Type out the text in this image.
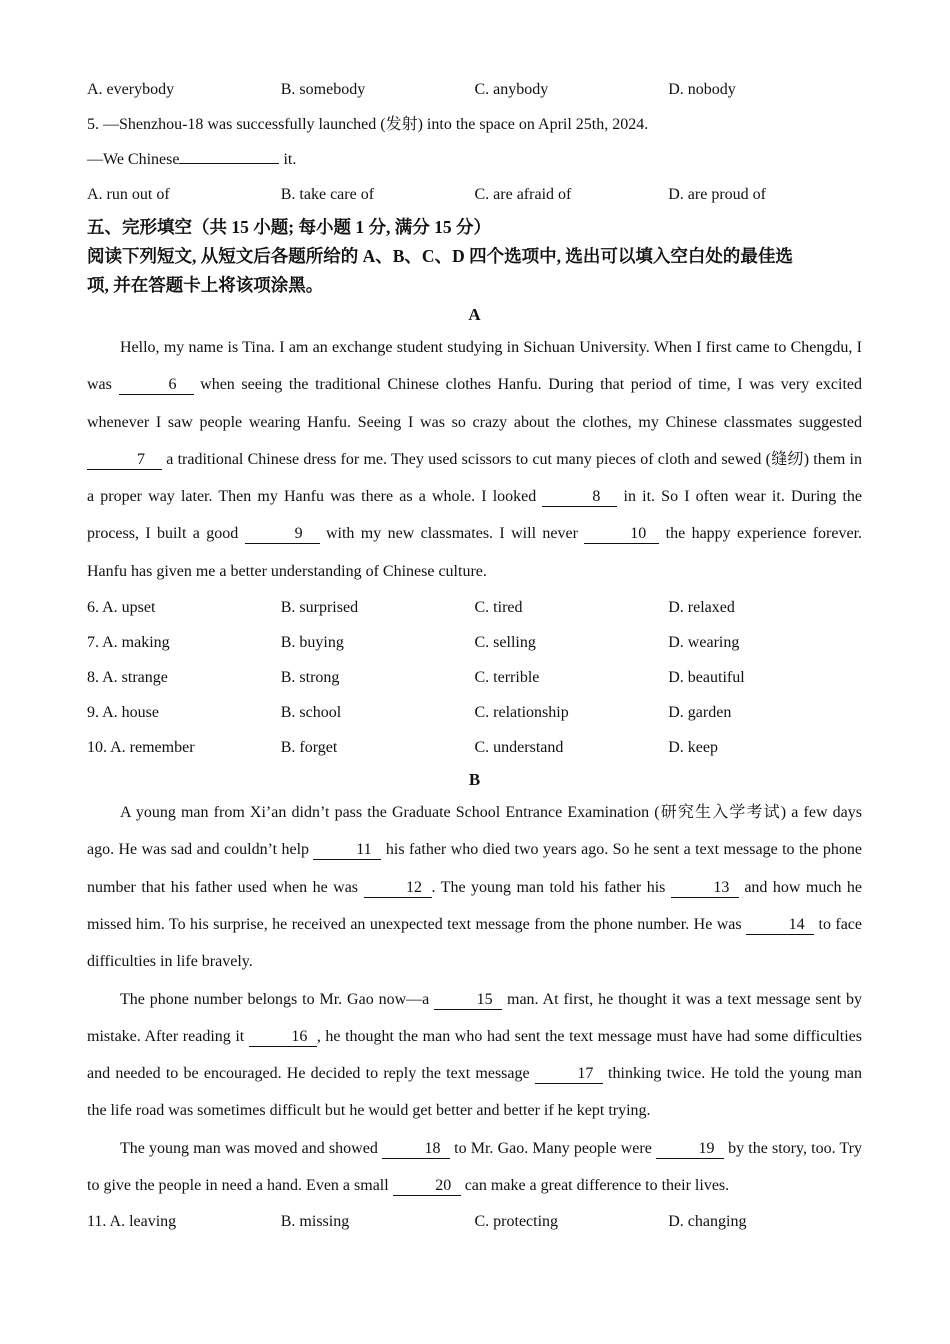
A. everybody	B. somebody	C. anybody	D. nobody
5. —Shenzhou-18 was successfully launched (发射) into the space on April 25th, 2024.
—We Chinese	it.
A. run out of	B. take care of	C. are afraid of	D. are proud of
五、完形填空（共 15 小题; 每小题 1 分, 满分 15 分）
阅读下列短文, 从短文后各题所给的 A、B、C、D 四个选项中, 选出可以填入空白处的最佳选
项, 并在答题卡上将该项涂黑。
A

Hello, my name is Tina. I am an exchange student studying in Sichuan University. When I first came to Chengdu, I was	6 when seeing the traditional Chinese clothes Hanfu. During that period of time, I was very excited whenever I saw people wearing Hanfu. Seeing I was so crazy about the clothes, my Chinese classmates suggested 7 a traditional Chinese dress for me. They used scissors to cut many pieces of cloth and sewed (缝纫) them in a proper way later. Then my Hanfu was there as a whole. I looked	8 in it. So I often wear it. During the process, I built a good	9 with my new classmates. I will never	10 the happy experience forever. Hanfu has given me a better understanding of Chinese culture.

6. A. upset	B. surprised	C. tired	D. relaxed
7. A. making	B. buying	C. selling	D. wearing
8. A. strange	B. strong	C. terrible	D. beautiful
9. A. house	B. school	C. relationship	D. garden
10. A. remember	B. forget	C. understand	D. keep
B

A young man from Xi’an didn’t pass the Graduate School Entrance Examination (研究生入学考试) a few days ago. He was sad and couldn’t help	11 his father who died two years ago. So he sent a text message to the phone number that his father used when he was	12 . The young man told his father his	13 and how much he missed him. To his surprise, he received an unexpected text message from the phone number. He was	14 to face difficulties in life bravely.

The phone number belongs to Mr. Gao now—a	15 man. At first, he thought it was a text message sent by mistake. After reading it	16 , he thought the man who had sent the text message must have had some difficulties and needed to be encouraged. He decided to reply the text message	17 thinking twice. He told the young man the life road was sometimes difficult but he would get better and better if he kept trying.

The young man was moved and showed	18 to Mr. Gao. Many people were	19 by the story, too. Try to give the people in need a hand. Even a small	20 can make a great difference to their lives.

11. A. leaving	B. missing	C. protecting	D. changing
